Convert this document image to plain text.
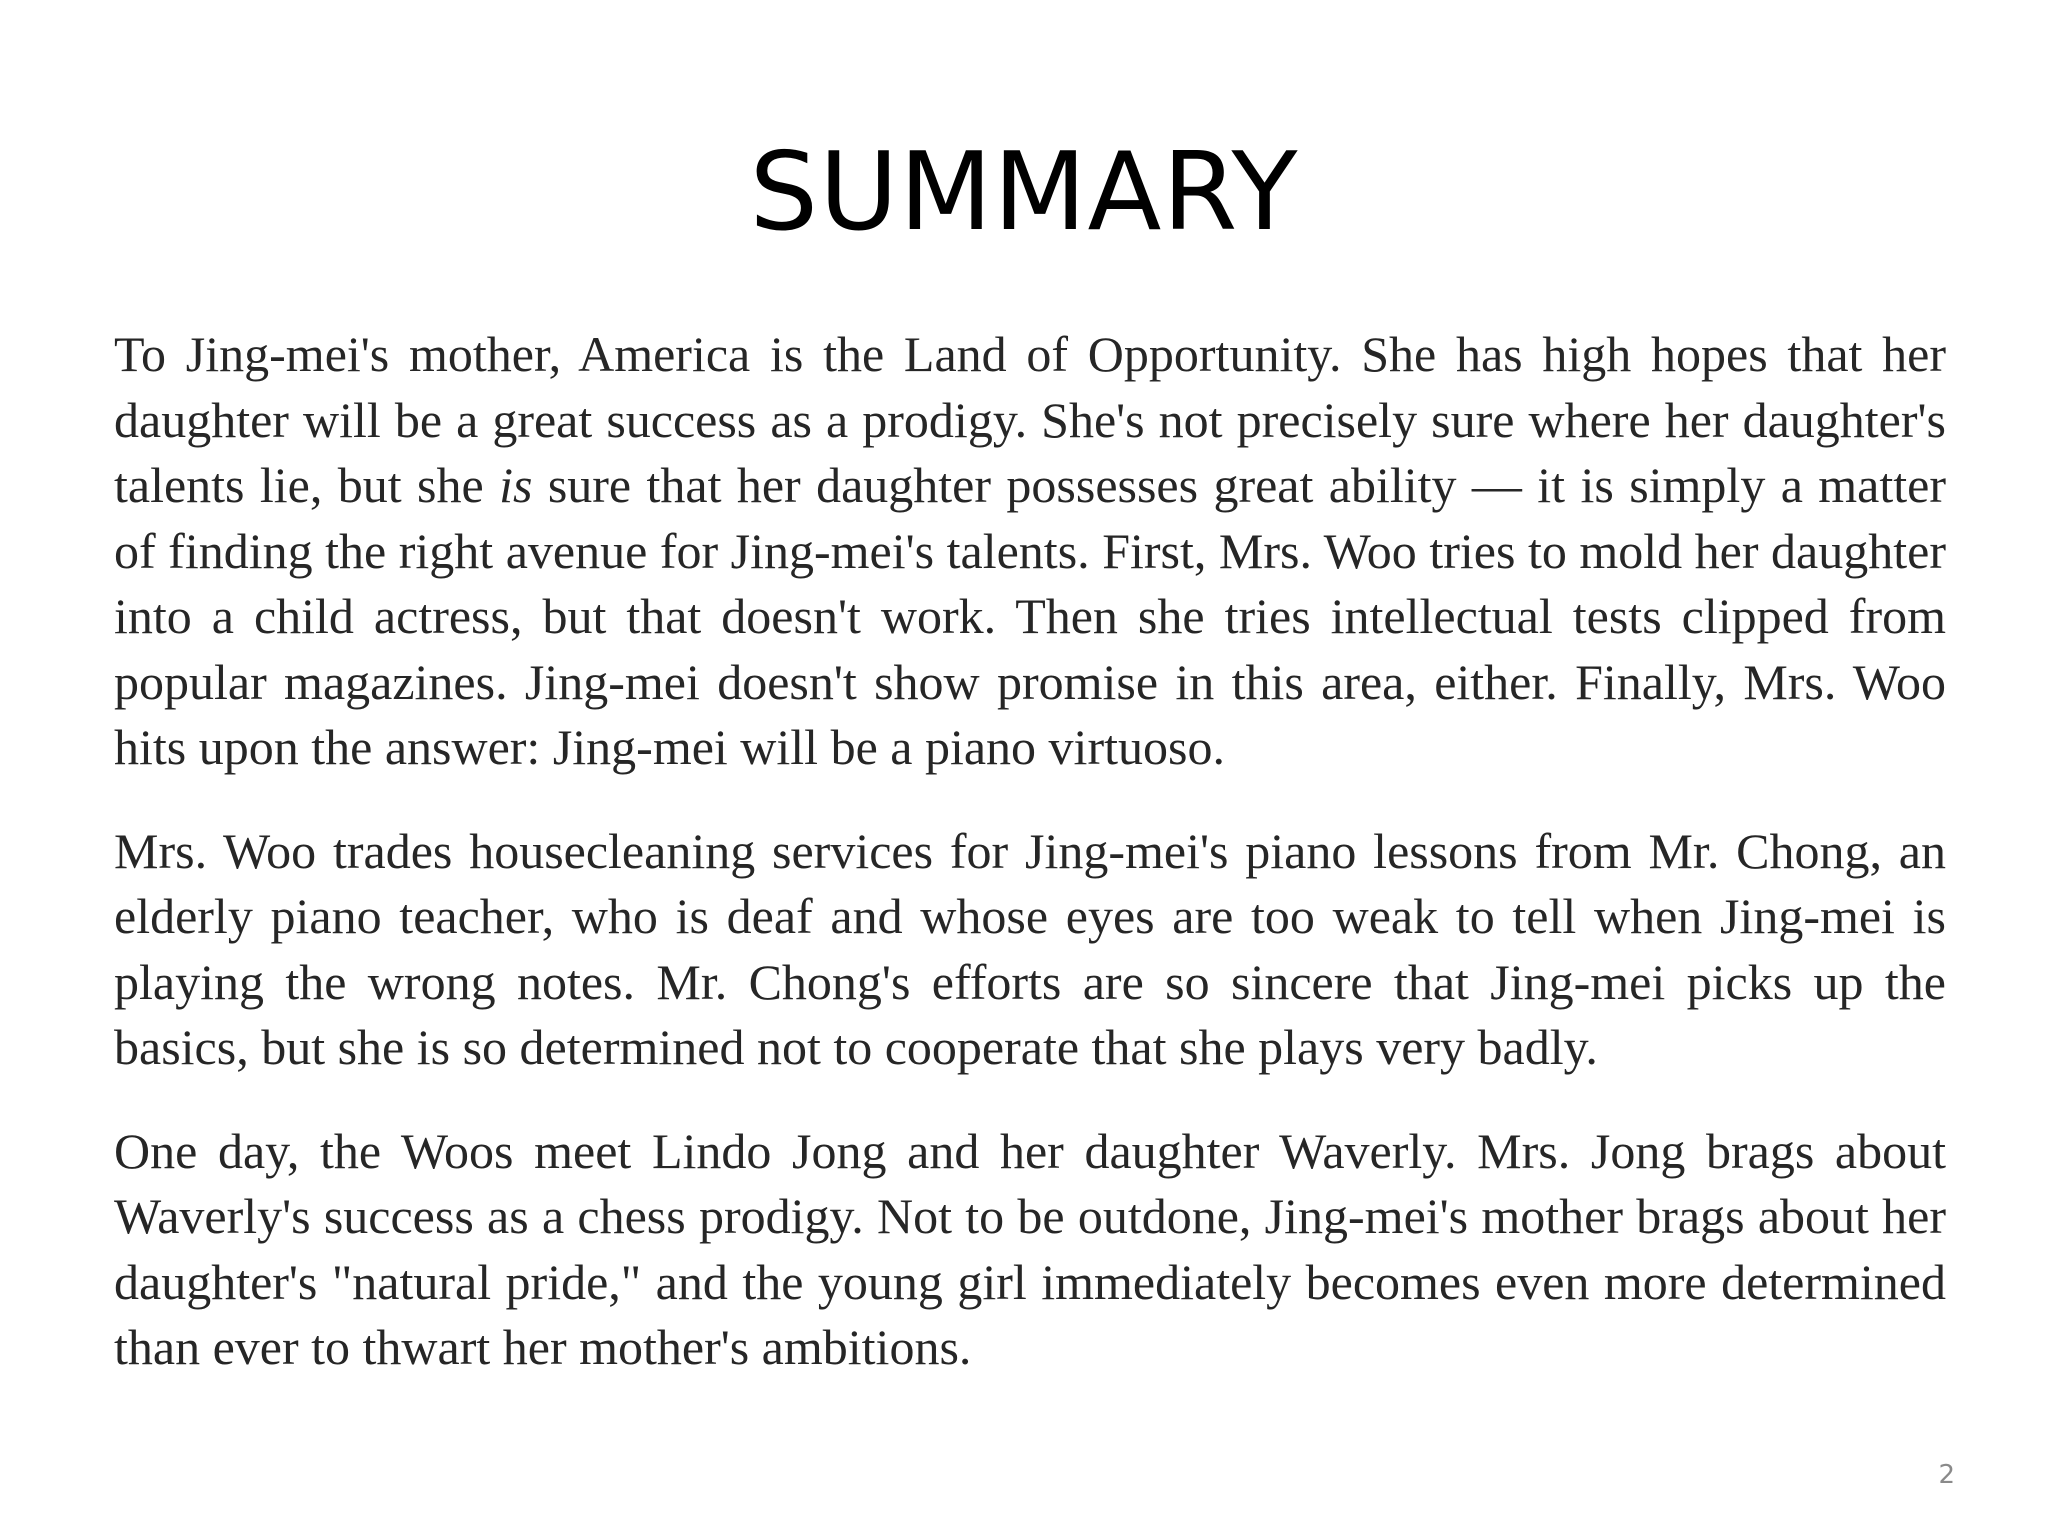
SUMMARY

To Jing-mei's mother, America is the Land of Opportunity. She has high hopes that her daughter will be a great success as a prodigy. She's not precisely sure where her daughter's talents lie, but she is sure that her daughter possesses great ability — it is simply a matter of finding the right avenue for Jing-mei's talents. First, Mrs. Woo tries to mold her daughter into a child actress, but that doesn't work. Then she tries intellectual tests clipped from popular magazines. Jing-mei doesn't show promise in this area, either. Finally, Mrs. Woo hits upon the answer: Jing-mei will be a piano virtuoso.

Mrs. Woo trades housecleaning services for Jing-mei's piano lessons from Mr. Chong, an elderly piano teacher, who is deaf and whose eyes are too weak to tell when Jing-mei is playing the wrong notes. Mr. Chong's efforts are so sincere that Jing-mei picks up the basics, but she is so determined not to cooperate that she plays very badly.

One day, the Woos meet Lindo Jong and her daughter Waverly. Mrs. Jong brags about Waverly's success as a chess prodigy. Not to be outdone, Jing-mei's mother brags about her daughter's "natural pride," and the young girl immediately becomes even more determined than ever to thwart her mother's ambitions.

2
